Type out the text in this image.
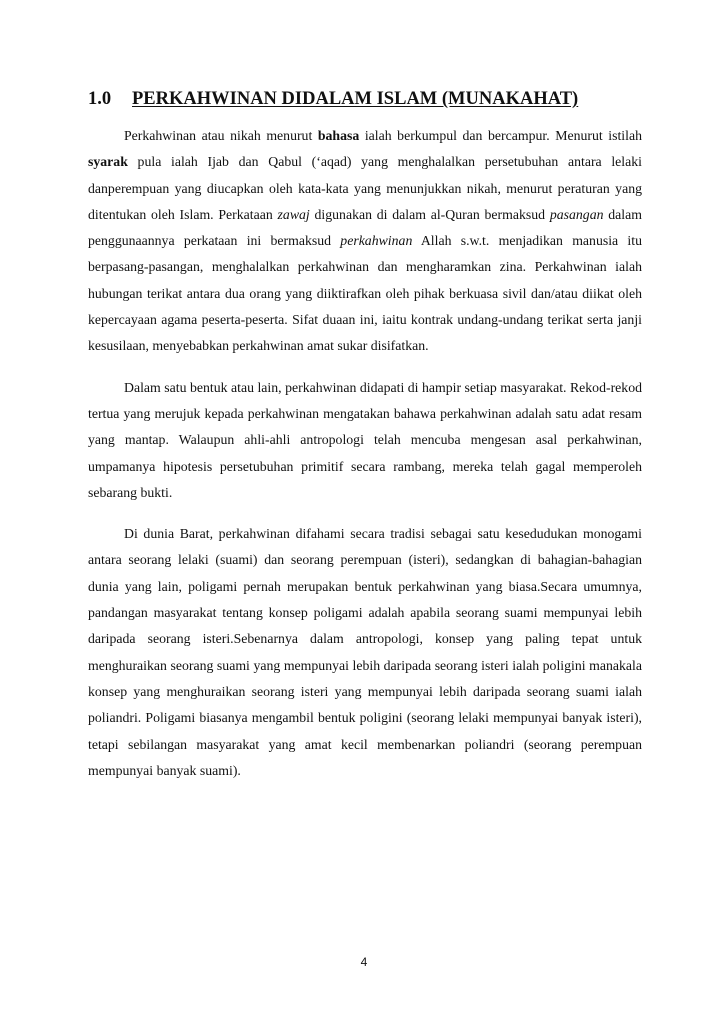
1.0	PERKAHWINAN DIDALAM ISLAM (MUNAKAHAT)

Perkahwinan atau nikah menurut bahasa ialah berkumpul dan bercampur. Menurut istilah syarak pula ialah Ijab dan Qabul (‘aqad) yang menghalalkan persetubuhan antara lelaki danperempuan yang diucapkan oleh kata-kata yang menunjukkan nikah, menurut peraturan yang ditentukan oleh Islam. Perkataan zawaj digunakan di dalam al-Quran bermaksud pasangan dalam penggunaannya perkataan ini bermaksud perkahwinan Allah s.w.t. menjadikan manusia itu berpasang-pasangan, menghalalkan perkahwinan dan mengharamkan zina. Perkahwinan ialah hubungan terikat antara dua orang yang diiktirafkan oleh pihak berkuasa sivil dan/atau diikat oleh kepercayaan agama peserta-peserta. Sifat duaan ini, iaitu kontrak undang-undang terikat serta janji kesusilaan, menyebabkan perkahwinan amat sukar disifatkan.

Dalam satu bentuk atau lain, perkahwinan didapati di hampir setiap masyarakat. Rekod-rekod tertua yang merujuk kepada perkahwinan mengatakan bahawa perkahwinan adalah satu adat resam yang mantap. Walaupun ahli-ahli antropologi telah mencuba mengesan asal perkahwinan, umpamanya hipotesis persetubuhan primitif secara rambang, mereka telah gagal memperoleh sebarang bukti.

Di dunia Barat, perkahwinan difahami secara tradisi sebagai satu kesedudukan monogami antara seorang lelaki (suami) dan seorang perempuan (isteri), sedangkan di bahagian-bahagian dunia yang lain, poligami pernah merupakan bentuk perkahwinan yang biasa.Secara umumnya, pandangan masyarakat tentang konsep poligami adalah apabila seorang suami mempunyai lebih daripada seorang isteri.Sebenarnya dalam antropologi, konsep yang paling tepat untuk menghuraikan seorang suami yang mempunyai lebih daripada seorang isteri ialah poligini manakala konsep yang menghuraikan seorang isteri yang mempunyai lebih daripada seorang suami ialah poliandri. Poligami biasanya mengambil bentuk poligini (seorang lelaki mempunyai banyak isteri), tetapi sebilangan masyarakat yang amat kecil membenarkan poliandri (seorang perempuan mempunyai banyak suami).

4
